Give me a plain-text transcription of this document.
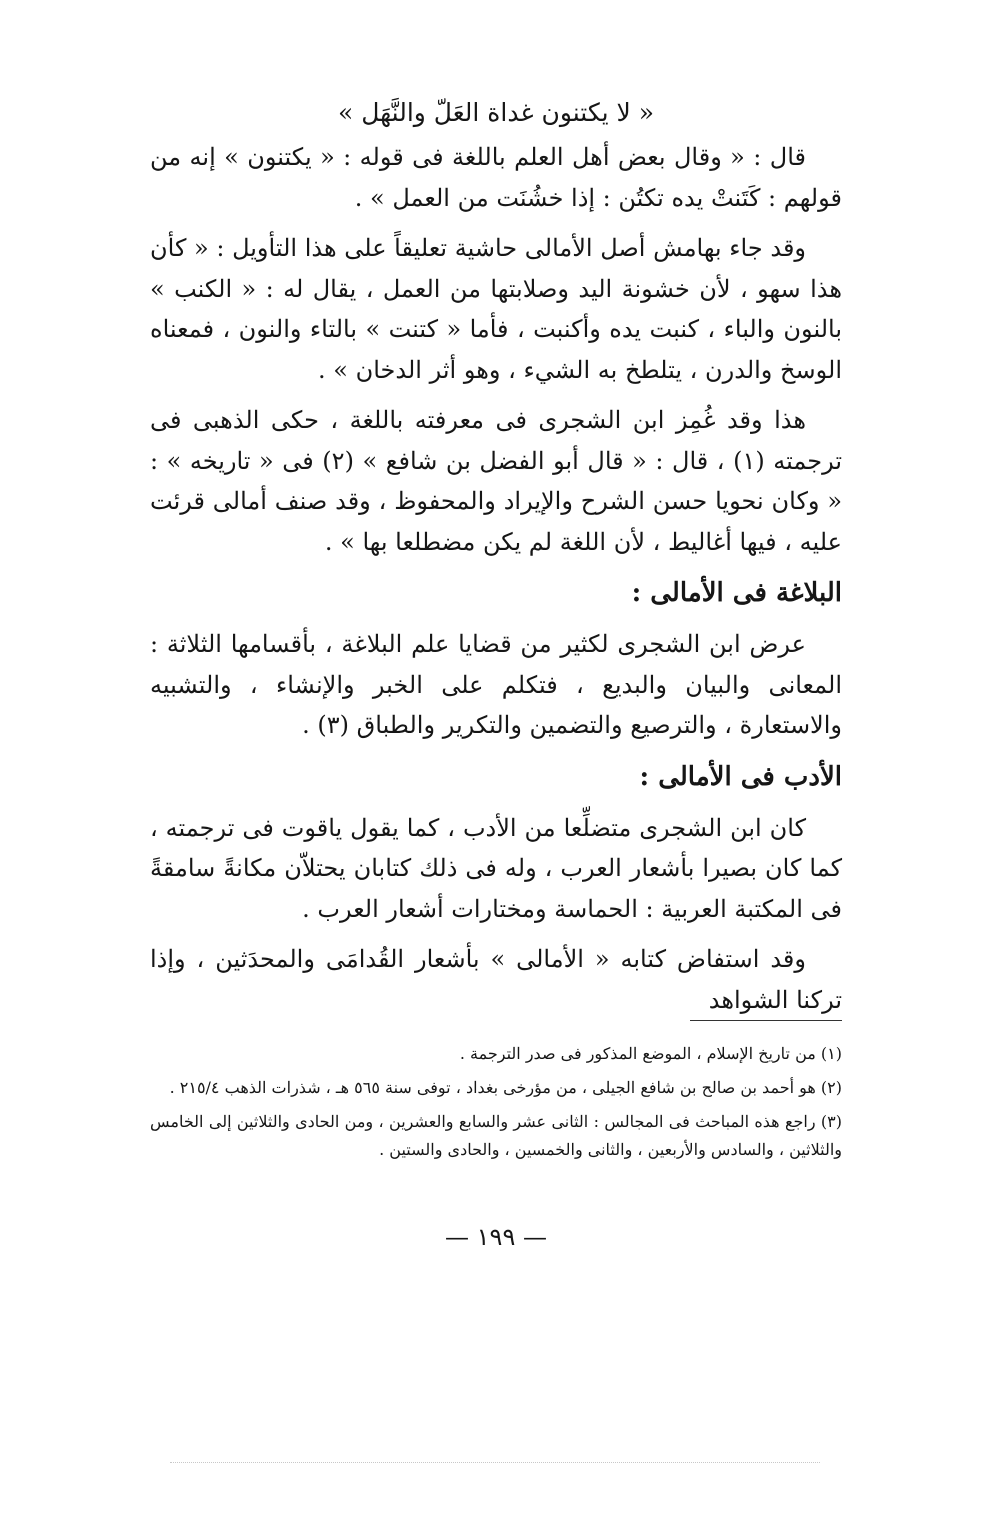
« لا يكتنون غداة العَلّ والنَّهَل »

قال : « وقال بعض أهل العلم باللغة فى قوله : « يكتنون » إنه من قولهم : كَتَنتْ يده تكتُن : إذا خشُنَت من العمل » .

وقد جاء بهامش أصل الأمالى حاشية تعليقاً على هذا التأويل : « كأن هذا سهو ، لأن خشونة اليد وصلابتها من العمل ، يقال له : « الكنب » بالنون والباء ، كنبت يده وأكنبت ، فأما « كتنت » بالتاء والنون ، فمعناه الوسخ والدرن ، يتلطخ به الشيء ، وهو أثر الدخان » .

هذا وقد غُمِز ابن الشجرى فى معرفته باللغة ، حكى الذهبى فى ترجمته (١) ، قال : « قال أبو الفضل بن شافع » (٢) فى « تاريخه » : « وكان نحويا حسن الشرح والإيراد والمحفوظ ، وقد صنف أمالى قرئت عليه ، فيها أغاليط ، لأن اللغة لم يكن مضطلعا بها » .

البلاغة فى الأمالى :

عرض ابن الشجرى لكثير من قضايا علم البلاغة ، بأقسامها الثلاثة : المعانى والبيان والبديع ، فتكلم على الخبر والإنشاء ، والتشبيه والاستعارة ، والترصيع والتضمين والتكرير والطباق (٣) .

الأدب فى الأمالى :

كان ابن الشجرى متضلِّعا من الأدب ، كما يقول ياقوت فى ترجمته ، كما كان بصيرا بأشعار العرب ، وله فى ذلك كتابان يحتلاّن مكانةً سامقةً فى المكتبة العربية : الحماسة ومختارات أشعار العرب .

وقد استفاض كتابه « الأمالى » بأشعار القُدامَى والمحدَثين ، وإذا تركنا الشواهد

(١) من تاريخ الإسلام ، الموضع المذكور فى صدر الترجمة .

(٢) هو أحمد بن صالح بن شافع الجيلى ، من مؤرخى بغداد ، توفى سنة ٥٦٥ هـ ، شذرات الذهب ٢١٥/٤ .

(٣) راجع هذه المباحث فى المجالس : الثانى عشر والسابع والعشرين ، ومن الحادى والثلاثين إلى الخامس والثلاثين ، والسادس والأربعين ، والثانى والخمسين ، والحادى والستين .

— ١٩٩ —
